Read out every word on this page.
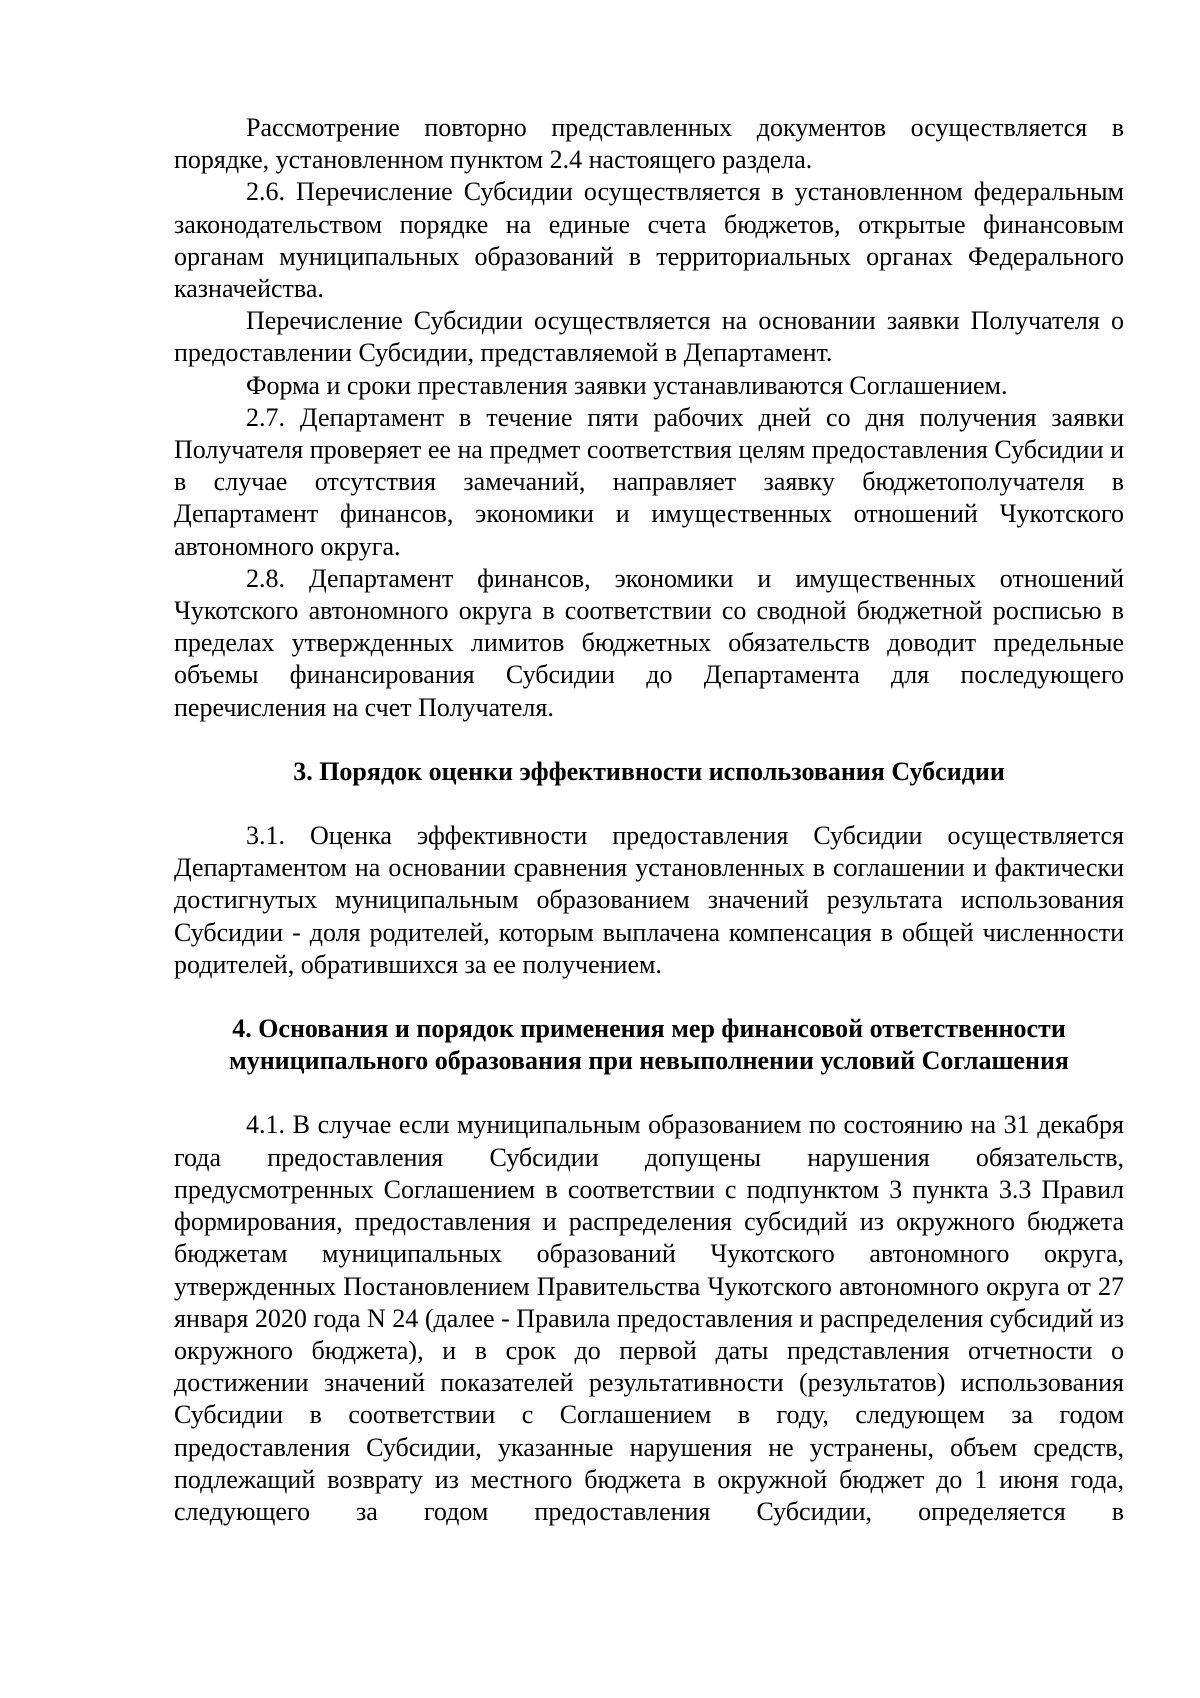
Рассмотрение повторно представленных документов осуществляется в порядке, установленном пунктом 2.4 настоящего раздела.

2.6. Перечисление Субсидии осуществляется в установленном федеральным законодательством порядке на единые счета бюджетов, открытые финансовым органам муниципальных образований в территориальных органах Федерального казначейства.

Перечисление Субсидии осуществляется на основании заявки Получателя о предоставлении Субсидии, представляемой в Департамент.

Форма и сроки преставления заявки устанавливаются Соглашением.

2.7. Департамент в течение пяти рабочих дней со дня получения заявки Получателя проверяет ее на предмет соответствия целям предоставления Субсидии и в случае отсутствия замечаний, направляет заявку бюджетополучателя в Департамент финансов, экономики и имущественных отношений Чукотского автономного округа.

2.8. Департамент финансов, экономики и имущественных отношений Чукотского автономного округа в соответствии со сводной бюджетной росписью в пределах утвержденных лимитов бюджетных обязательств доводит предельные объемы финансирования Субсидии до Департамента для последующего перечисления на счет Получателя.

3. Порядок оценки эффективности использования Субсидии

3.1. Оценка эффективности предоставления Субсидии осуществляется Департаментом на основании сравнения установленных в соглашении и фактически достигнутых муниципальным образованием значений результата использования Субсидии - доля родителей, которым выплачена компенсация в общей численности родителей, обратившихся за ее получением.

4. Основания и порядок применения мер финансовой ответственности

муниципального образования при невыполнении условий Соглашения

4.1. В случае если муниципальным образованием по состоянию на 31 декабря года предоставления Субсидии допущены нарушения обязательств, предусмотренных Соглашением в соответствии с подпунктом 3 пункта 3.3 Правил формирования, предоставления и распределения субсидий из окружного бюджета бюджетам муниципальных образований Чукотского автономного округа, утвержденных Постановлением Правительства Чукотского автономного округа от 27 января 2020 года N 24 (далее - Правила предоставления и распределения субсидий из окружного бюджета), и в срок до первой даты представления отчетности о достижении значений показателей результативности (результатов) использования Субсидии в соответствии с Соглашением в году, следующем за годом предоставления Субсидии, указанные нарушения не устранены, объем средств, подлежащий возврату из местного бюджета в окружной бюджет до 1 июня года, следующего за годом предоставления Субсидии, определяется в
